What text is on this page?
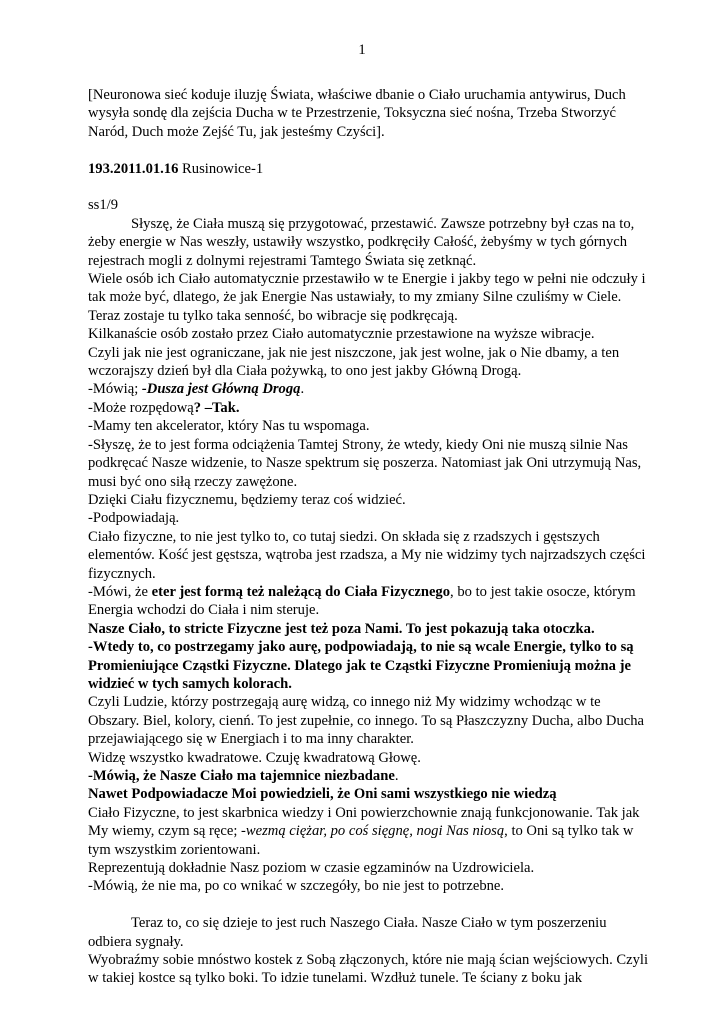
1

[Neuronowa sieć koduje iluzję Świata, właściwe dbanie o Ciało uruchamia antywirus, Duch wysyła sondę dla zejścia Ducha w te Przestrzenie, Toksyczna sieć nośna, Trzeba Stworzyć Naród, Duch może Zejść Tu, jak jesteśmy Czyści].

193.2011.01.16 Rusinowice-1

ss1/9

Słyszę, że Ciała muszą się przygotować, przestawić. Zawsze potrzebny był czas na to, żeby energie w Nas weszły, ustawiły wszystko, podkręciły Całość, żebyśmy w tych górnych rejestrach mogli z dolnymi rejestrami Tamtego Świata się zetknąć.

Wiele osób ich Ciało automatycznie przestawiło w te Energie i jakby tego w pełni nie odczuły i tak może być, dlatego, że jak Energie Nas ustawiały, to my zmiany Silne czuliśmy w Ciele. Teraz zostaje tu tylko taka senność, bo wibracje się podkręcają.

Kilkanaście osób zostało przez Ciało automatycznie przestawione na wyższe wibracje.

Czyli jak nie jest ograniczane, jak nie jest niszczone, jak jest wolne, jak o Nie dbamy, a ten wczorajszy dzień był dla Ciała pożywką, to ono jest jakby Główną Drogą.

-Mówią; -Dusza jest Główną Drogą.

-Może rozpędową? –Tak.

-Mamy ten akcelerator, który Nas tu wspomaga.

-Słyszę, że to jest forma odciążenia Tamtej Strony, że wtedy, kiedy Oni nie muszą silnie Nas podkręcać Nasze widzenie, to Nasze spektrum się poszerza. Natomiast jak Oni utrzymują Nas, musi być ono siłą rzeczy zawężone.

Dzięki Ciału fizycznemu, będziemy teraz coś widzieć.

-Podpowiadają.

Ciało fizyczne, to nie jest tylko to, co tutaj siedzi. On składa się z rzadszych i gęstszych elementów. Kość jest gęstsza, wątroba jest rzadsza, a My nie widzimy tych najrzadszych części fizycznych.

-Mówi, że eter jest formą też należącą do Ciała Fizycznego, bo to jest takie osocze, którym Energia wchodzi do Ciała i nim steruje.

Nasze Ciało, to stricte Fizyczne jest też poza Nami. To jest pokazują taka otoczka.

-Wtedy to, co postrzegamy jako aurę, podpowiadają, to nie są wcale Energie, tylko to są Promieniujące Cząstki Fizyczne. Dlatego jak te Cząstki Fizyczne Promieniują można je widzieć w tych samych kolorach.

Czyli Ludzie, którzy postrzegają aurę widzą, co innego niż My widzimy wchodząc w te Obszary. Biel, kolory, cienń. To jest zupełnie, co innego. To są Płaszczyzny Ducha, albo Ducha przejawiającego się w Energiach i to ma inny charakter.

Widzę wszystko kwadratowe. Czuję kwadratową Głowę.

-Mówią, że Nasze Ciało ma tajemnice niezbadane.

Nawet Podpowiadacze Moi powiedzieli, że Oni sami wszystkiego nie wiedzą

Ciało Fizyczne, to jest skarbnica wiedzy i Oni powierzchownie znają funkcjonowanie. Tak jak My wiemy, czym są ręce; -wezmą ciężar, po coś sięgnę, nogi Nas niosą, to Oni są tylko tak w tym wszystkim zorientowani.

Reprezentują dokładnie Nasz poziom w czasie egzaminów na Uzdrowiciela.

-Mówią, że nie ma, po co wnikać w szczegóły, bo nie jest to potrzebne.

Teraz to, co się dzieje to jest ruch Naszego Ciała. Nasze Ciało w tym poszerzeniu odbiera sygnały.

Wyobraźmy sobie mnóstwo kostek z Sobą złączonych, które nie mają ścian wejściowych. Czyli w takiej kostce są tylko boki. To idzie tunelami. Wzdłuż tunele. Te ściany z boku jak
